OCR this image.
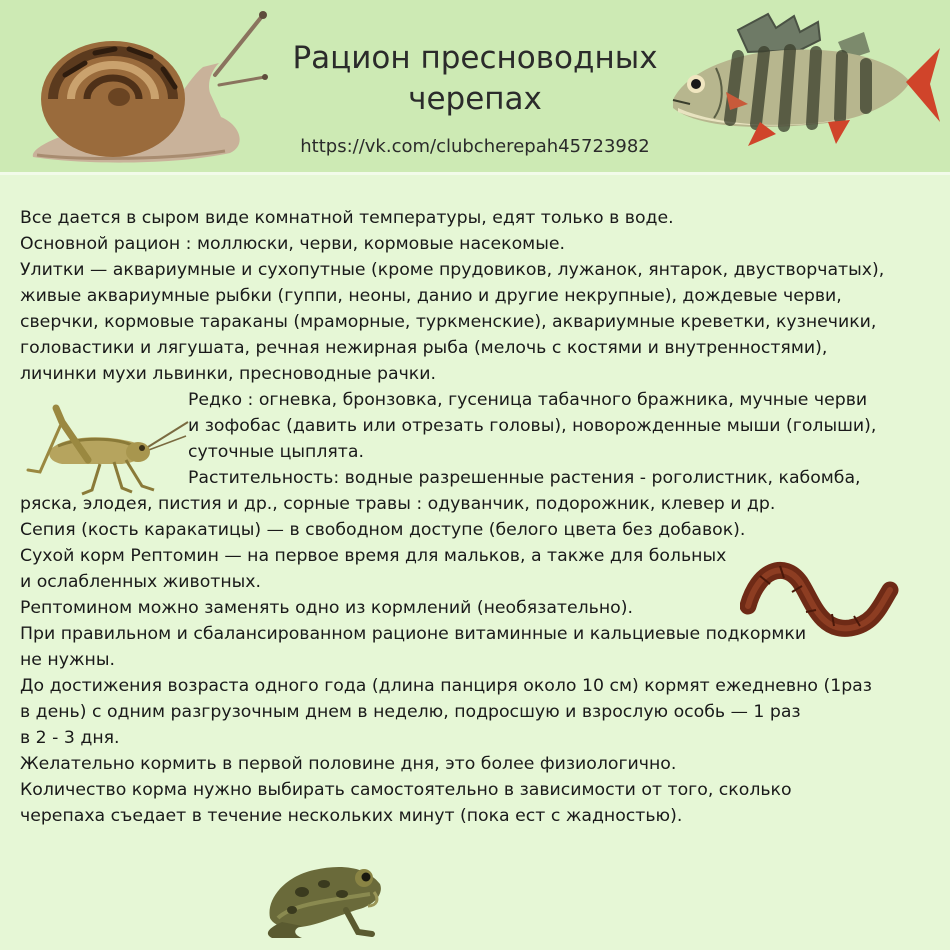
Рацион пресноводных
черепах
https://vk.com/clubcherepah45723982
Все дается в сыром виде комнатной температуры, едят только в воде.
Основной рацион : моллюски, черви, кормовые насекомые.
Улитки — аквариумные и сухопутные (кроме прудовиков, лужанок, янтарок, двустворчатых),
живые аквариумные рыбки (гуппи, неоны, данио и другие некрупные), дождевые черви,
сверчки, кормовые тараканы (мраморные, туркменские), аквариумные креветки, кузнечики,
головастики и лягушата, речная нежирная рыба (мелочь с костями и внутренностями),
личинки мухи львинки, пресноводные рачки.
Редко : огневка, бронзовка, гусеница табачного бражника, мучные черви
и зофобас (давить или отрезать головы), новорожденные мыши (голыши),
суточные цыплята.
Растительность: водные разрешенные растения - роголистник, кабомба,
ряска, элодея, пистия и др., сорные травы : одуванчик, подорожник, клевер и др.
Сепия (кость каракатицы) — в свободном доступе (белого цвета без добавок).
Сухой корм Рептомин — на первое время для мальков, а также для больных
и ослабленных животных.
Рептомином можно заменять одно из кормлений (необязательно).
При правильном и сбалансированном рационе витаминные и кальциевые подкормки
не нужны.
До достижения возраста одного года (длина панциря около 10 см) кормят ежедневно (1раз
в день) с одним разгрузочным днем в неделю, подросшую и взрослую особь — 1 раз
в 2 - 3 дня.
Желательно кормить в первой половине дня, это более физиологично.
Количество корма нужно выбирать самостоятельно в зависимости от того, сколько
черепаха съедает в течение нескольких минут (пока ест с жадностью).
